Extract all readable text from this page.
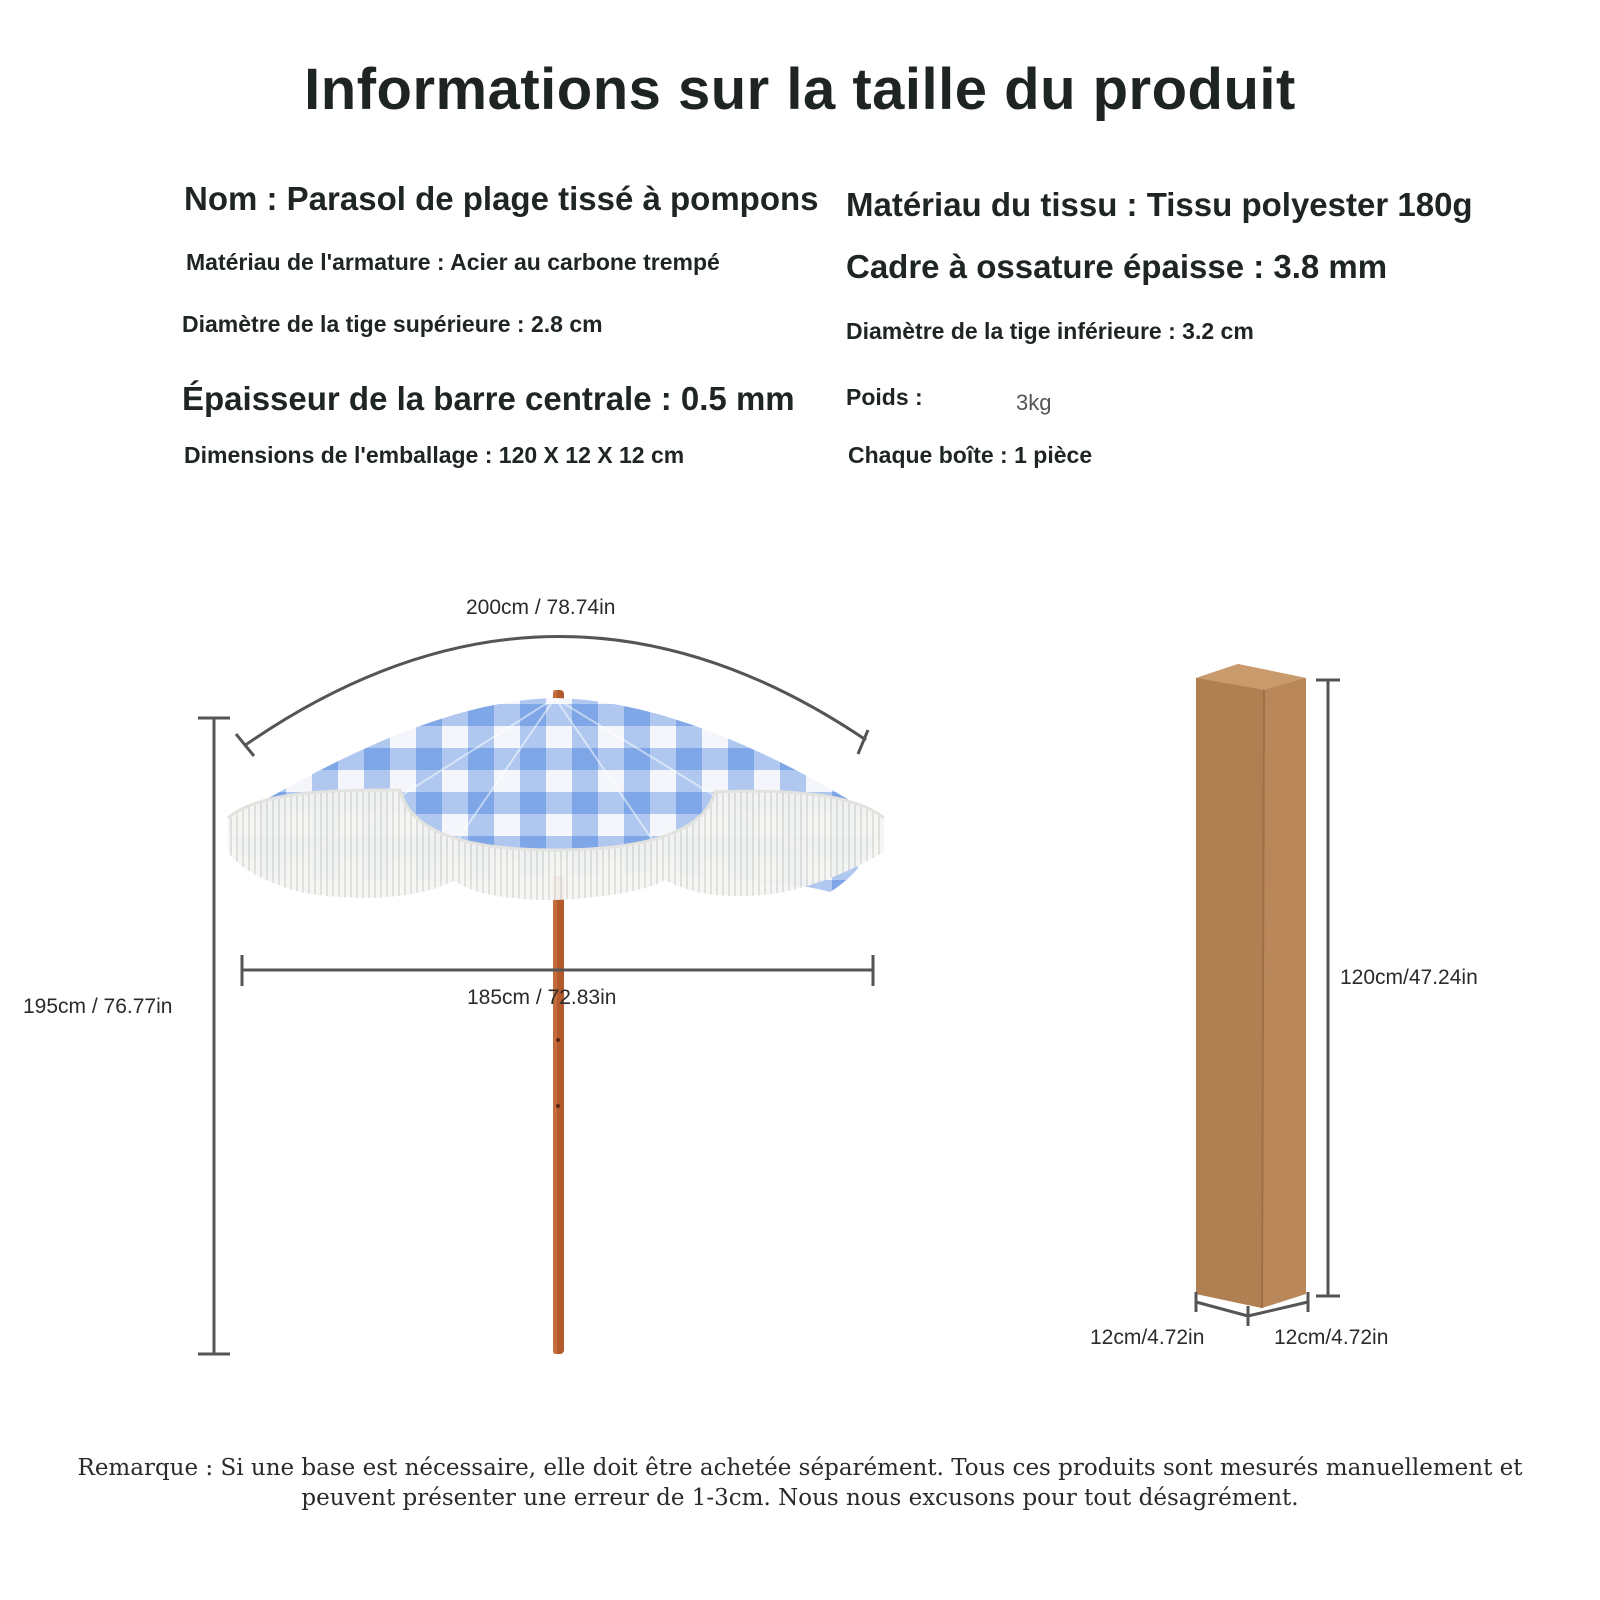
Informations sur la taille du produit
Nom : Parasol de plage tissé à pompons Matériau du tissu : Tissu polyester 180g
Matériau de l'armature : Acier au carbone trempé	Cadre à ossature épaisse : 3.8 mm
Diamètre de la tige supérieure : 2.8 cm	Diamètre de la tige inférieure : 3.2 cm
Épaisseur de la barre centrale : 0.5 mm Poids :	3kg
Dimensions de l'emballage : 120 X 12 X 12 cm	Chaque boîte : 1 pièce
200cm / 78.74in
185cm / 72.83in
195cm / 76.77in
120cm/47.24in
12cm/4.72in	12cm/4.72in
Remarque : Si une base est nécessaire, elle doit être achetée séparément. Tous ces produits sont mesurés manuellement et
peuvent présenter une erreur de 1-3cm. Nous nous excusons pour tout désagrément.
